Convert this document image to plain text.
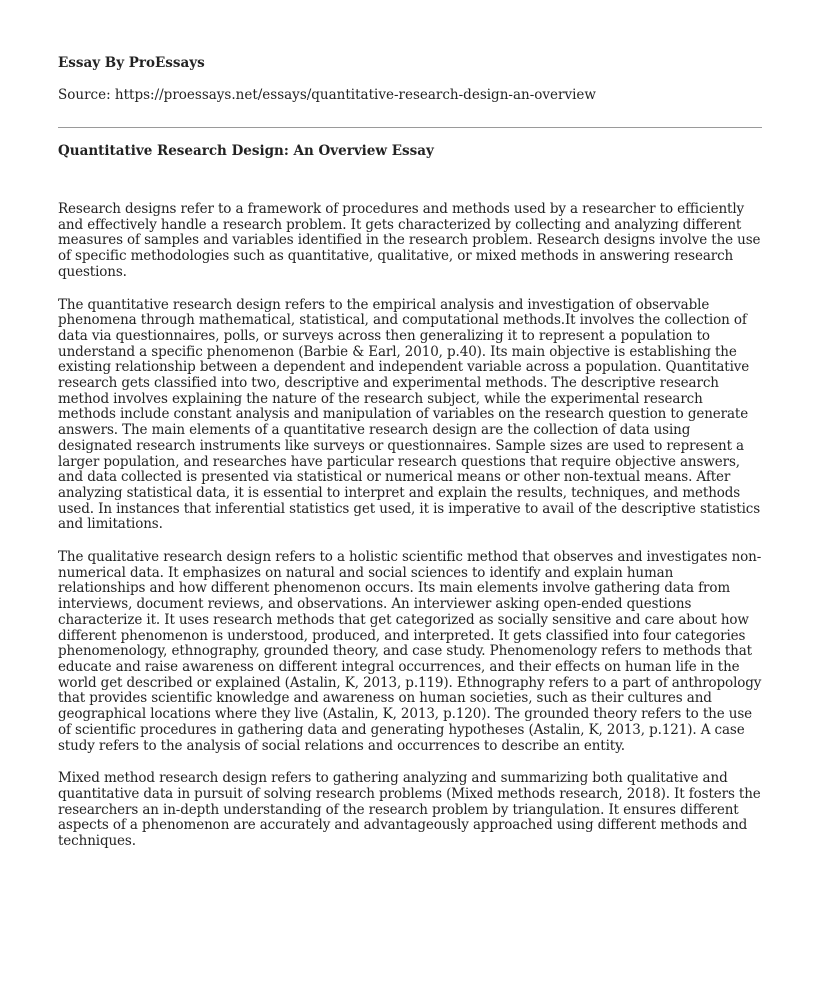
Essay By ProEssays

Source: https://proessays.net/essays/quantitative-research-design-an-overview

Quantitative Research Design: An Overview Essay

Research designs refer to a framework of procedures and methods used by a researcher to efficiently and effectively handle a research problem. It gets characterized by collecting and analyzing different measures of samples and variables identified in the research problem. Research designs involve the use of specific methodologies such as quantitative, qualitative, or mixed methods in answering research questions.

The quantitative research design refers to the empirical analysis and investigation of observable phenomena through mathematical, statistical, and computational methods.It involves the collection of data via questionnaires, polls, or surveys across then generalizing it to represent a population to understand a specific phenomenon (Barbie & Earl, 2010, p.40). Its main objective is establishing the existing relationship between a dependent and independent variable across a population. Quantitative research gets classified into two, descriptive and experimental methods. The descriptive research method involves explaining the nature of the research subject, while the experimental research methods include constant analysis and manipulation of variables on the research question to generate answers. The main elements of a quantitative research design are the collection of data using designated research instruments like surveys or questionnaires. Sample sizes are used to represent a larger population, and researches have particular research questions that require objective answers, and data collected is presented via statistical or numerical means or other non-textual means. After analyzing statistical data, it is essential to interpret and explain the results, techniques, and methods used. In instances that inferential statistics get used, it is imperative to avail of the descriptive statistics and limitations.

The qualitative research design refers to a holistic scientific method that observes and investigates non-numerical data. It emphasizes on natural and social sciences to identify and explain human relationships and how different phenomenon occurs. Its main elements involve gathering data from interviews, document reviews, and observations. An interviewer asking open-ended questions characterize it. It uses research methods that get categorized as socially sensitive and care about how different phenomenon is understood, produced, and interpreted. It gets classified into four categories phenomenology, ethnography, grounded theory, and case study. Phenomenology refers to methods that educate and raise awareness on different integral occurrences, and their effects on human life in the world get described or explained (Astalin, K, 2013, p.119). Ethnography refers to a part of anthropology that provides scientific knowledge and awareness on human societies, such as their cultures and geographical locations where they live (Astalin, K, 2013, p.120). The grounded theory refers to the use of scientific procedures in gathering data and generating hypotheses (Astalin, K, 2013, p.121). A case study refers to the analysis of social relations and occurrences to describe an entity.

Mixed method research design refers to gathering analyzing and summarizing both qualitative and quantitative data in pursuit of solving research problems (Mixed methods research, 2018). It fosters the researchers an in-depth understanding of the research problem by triangulation. It ensures different aspects of a phenomenon are accurately and advantageously approached using different methods and techniques.
